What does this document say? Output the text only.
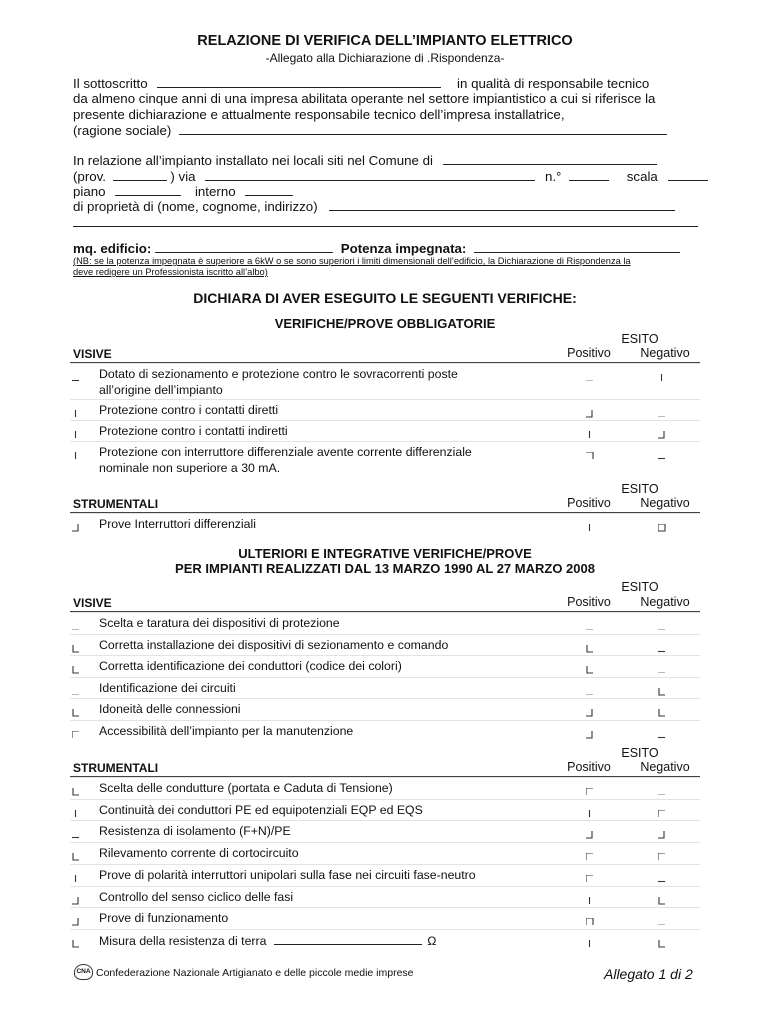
RELAZIONE DI VERIFICA DELL’IMPIANTO ELETTRICO
-Allegato alla Dichiarazione di .Rispondenza-
Il sottoscritto	in qualità di responsabile tecnico
da almeno cinque anni di una impresa abilitata operante nel settore impiantistico a cui si riferisce la
presente dichiarazione e attualmente responsabile tecnico dell’impresa installatrice,
(ragione sociale)
In relazione all’impianto installato nei locali siti nel Comune di
(prov.	) via	n.°	scala
piano	interno
di proprietà di (nome, cognome, indirizzo)
mq. edificio:	Potenza impegnata:
(NB: se la potenza impegnata è superiore a 6kW o se sono superiori i limiti dimensionali dell’edificio, la Dichiarazione di Rispondenza la
deve redigere un Professionista iscritto all’albo)
DICHIARA DI AVER ESEGUITO LE SEGUENTI VERIFICHE:
VERIFICHE/PROVE OBBLIGATORIE
ESITO
VISIVE	Positivo	Negativo
Dotato di sezionamento e protezione contro le sovracorrenti poste
all’origine dell’impianto
Protezione contro i contatti diretti
Protezione contro i contatti indiretti
Protezione con interruttore differenziale avente corrente differenziale
nominale non superiore a 30 mA.
ESITO
STRUMENTALI	Positivo	Negativo
Prove Interruttori differenziali
ULTERIORI E INTEGRATIVE VERIFICHE/PROVE
PER IMPIANTI REALIZZATI DAL 13 MARZO 1990 AL 27 MARZO 2008
ESITO
VISIVE	Positivo	Negativo
Scelta e taratura dei dispositivi di protezione
Corretta installazione dei dispositivi di sezionamento e comando
Corretta identificazione dei conduttori (codice dei colori)
Identificazione dei circuiti
Idoneità delle connessioni
Accessibilità dell’impianto per la manutenzione
ESITO
STRUMENTALI	Positivo	Negativo
Scelta delle condutture (portata e Caduta di Tensione)
Continuità dei conduttori PE ed equipotenziali EQP ed EQS
Resistenza di isolamento (F+N)/PE
Rilevamento corrente di cortocircuito
Prove di polarità interruttori unipolari sulla fase nei circuiti fase-neutro
Controllo del senso ciclico delle fasi
Prove di funzionamento
Misura della resistenza di terra	Ω
CNA Confederazione Nazionale Artigianato e delle piccole medie imprese	Allegato 1 di 2
